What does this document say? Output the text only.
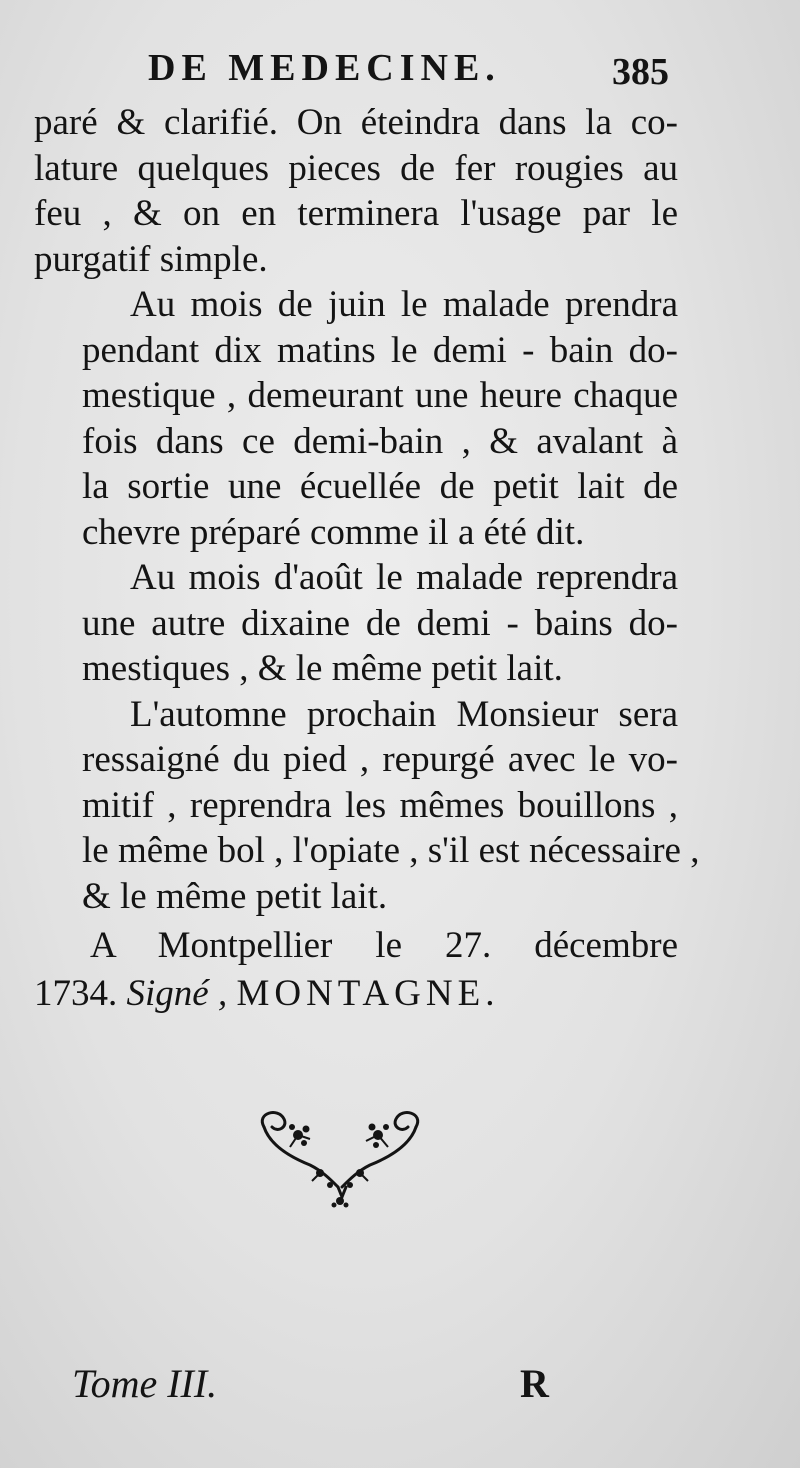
DE MEDECINE.	385

paré & clarifié. On éteindra dans la co-
lature quelques pieces de fer rougies au
feu , & on en terminera l'usage par le
purgatif simple.

Au mois de juin le malade prendra
pendant dix matins le demi - bain do-
mestique , demeurant une heure chaque
fois dans ce demi-bain , & avalant à
la sortie une écuellée de petit lait de
chevre préparé comme il a été dit.

Au mois d'août le malade reprendra
une autre dixaine de demi - bains do-
mestiques , & le même petit lait.

L'automne prochain Monsieur sera
ressaigné du pied , repurgé avec le vo-
mitif , reprendra les mêmes bouillons ,
le même bol , l'opiate , s'il est nécessaire ,
& le même petit lait.

A Montpellier le 27. décembre
1734. Signé , MONTAGNE.
Tome III.	R
